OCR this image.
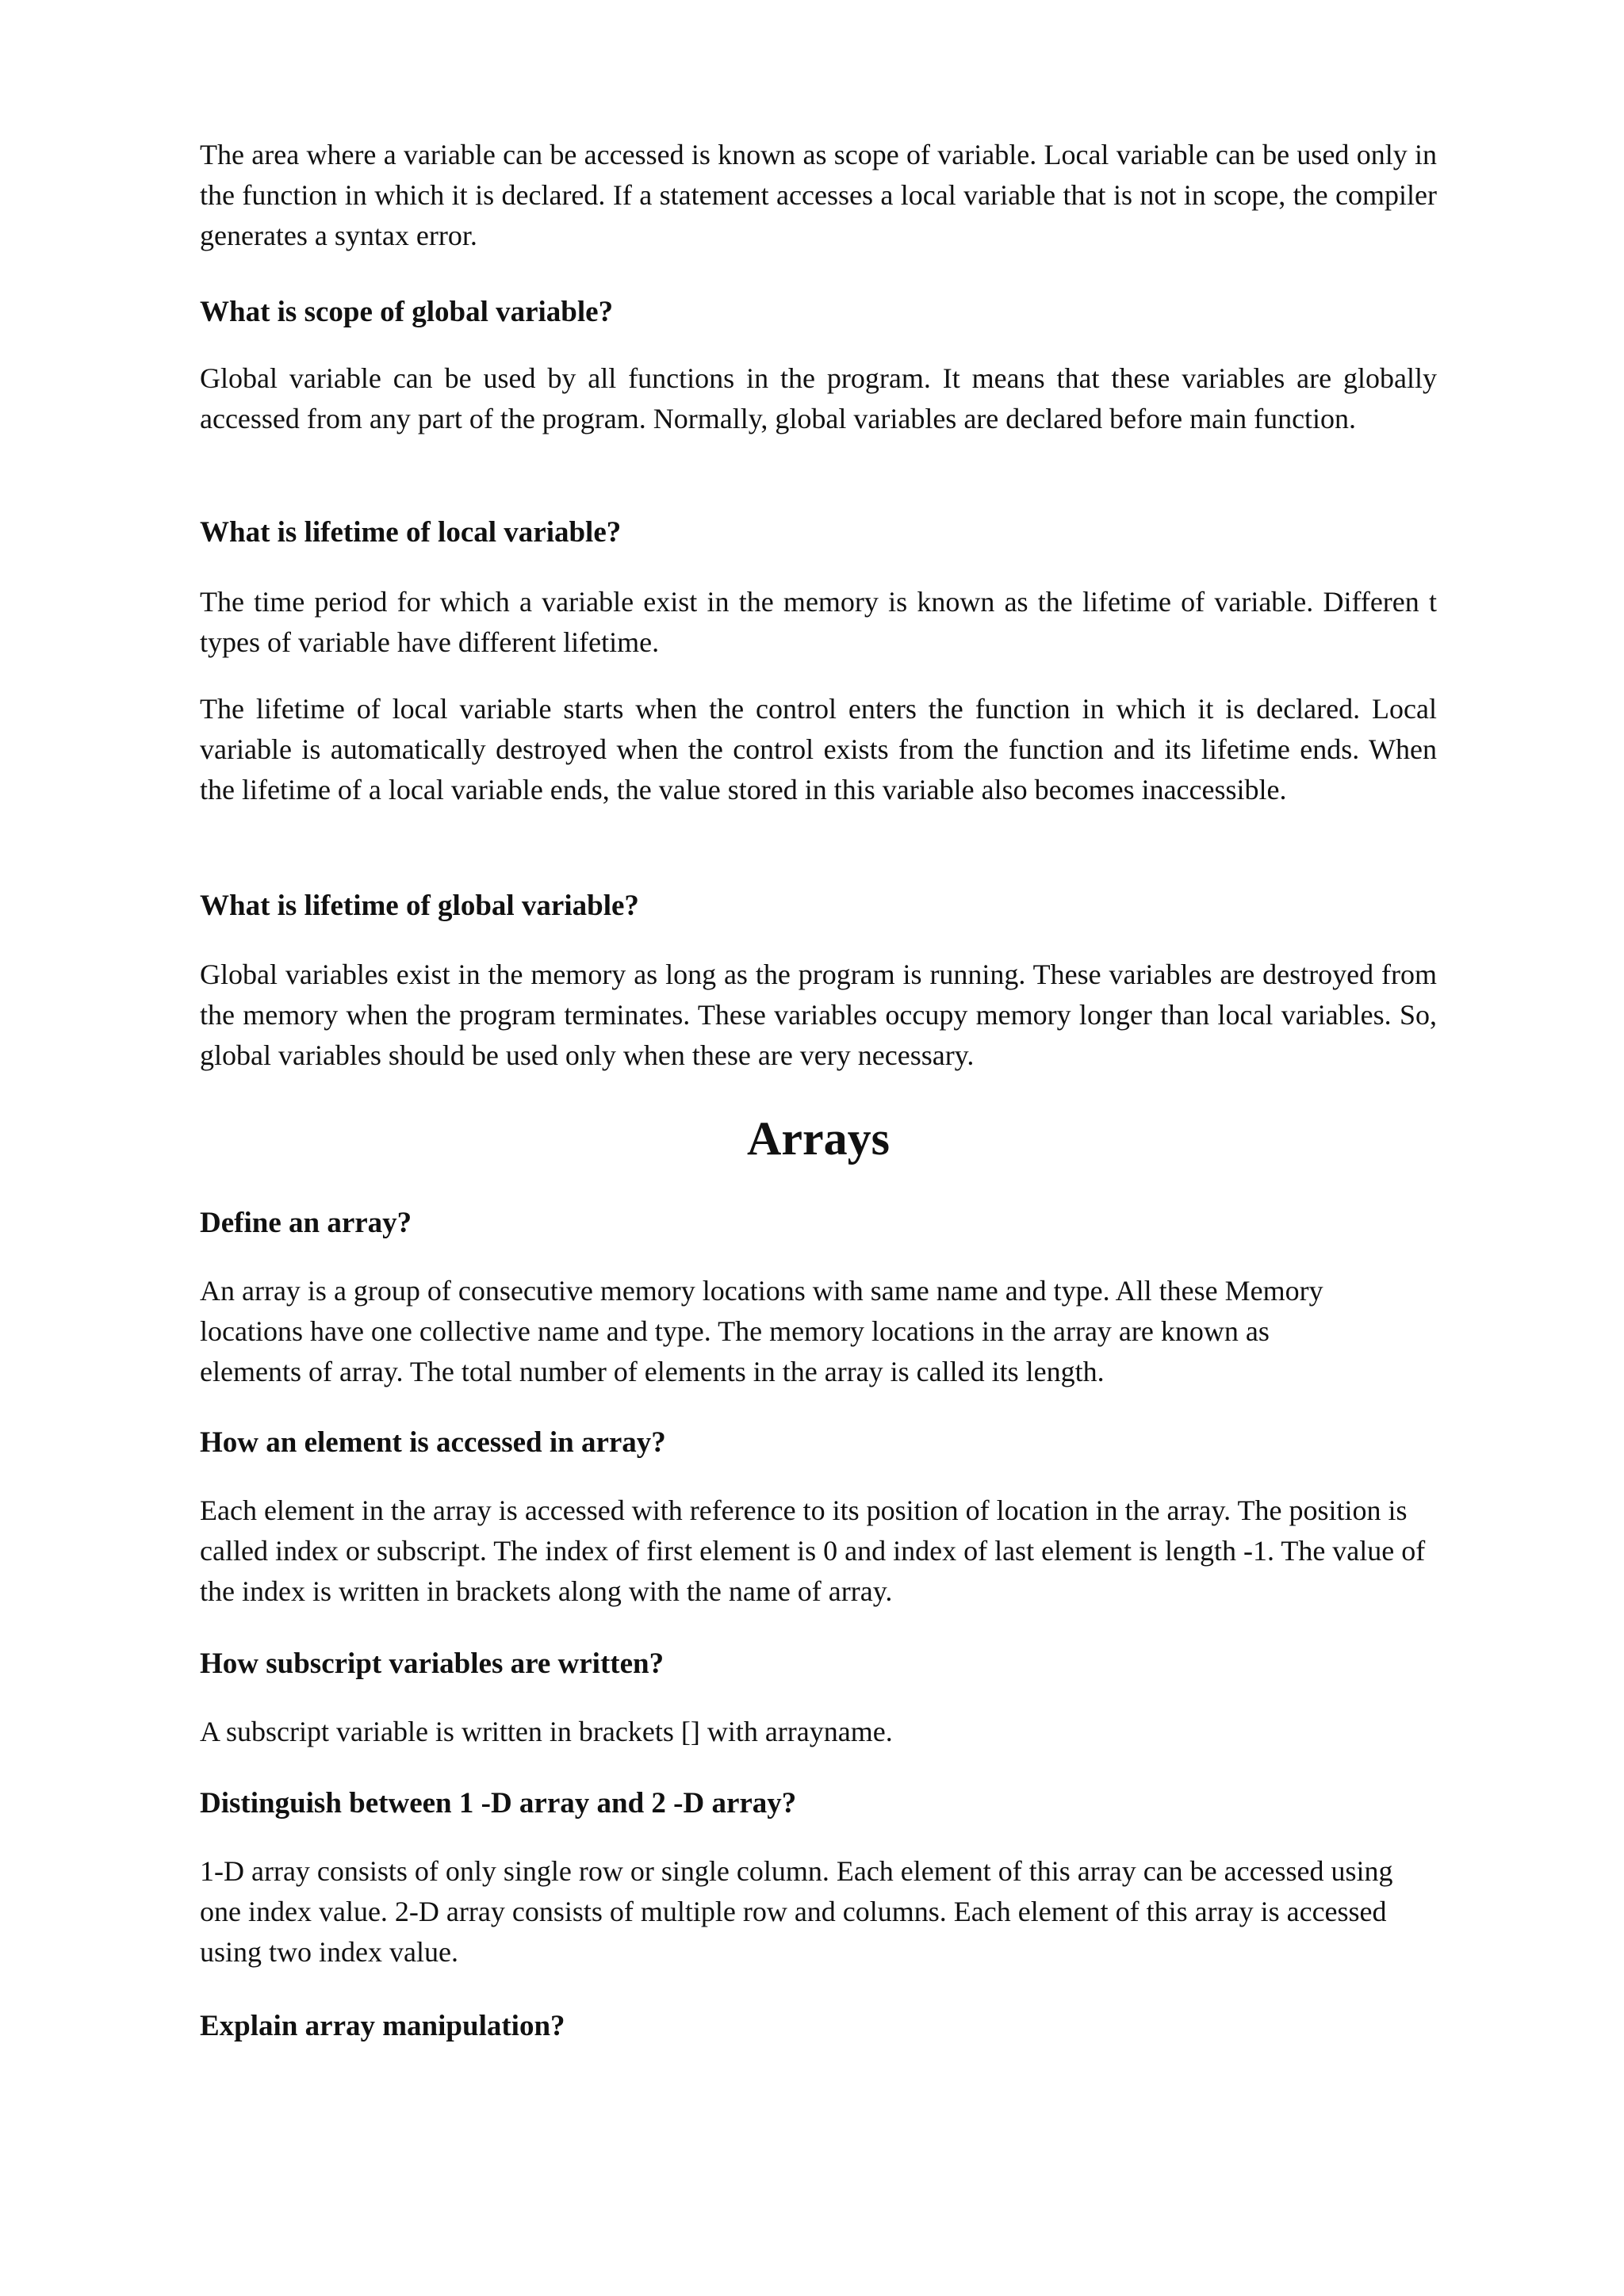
The area where a variable can be accessed is known as scope of variable. Local variable can be used only in the function in which it is declared. If a statement accesses a local variable that is not in scope, the compiler generates a syntax error.

What is scope of global variable?

Global variable can be used by all functions in the program. It means that these variables are globally accessed from any part of the program. Normally, global variables are declared before main function.

What is lifetime of local variable?

The time period for which a variable exist in the memory is known as the lifetime of variable. Differen t types of variable have different lifetime.

The lifetime of local variable starts when the control enters the function in which it is declared. Local variable is automatically destroyed when the control exists from the function and its lifetime ends. When the lifetime of a local variable ends, the value stored in this variable also becomes inaccessible.

What is lifetime of global variable?

Global variables exist in the memory as long as the program is running. These variables are destroyed from the memory when the program terminates. These variables occupy memory longer than local variables. So, global variables should be used only when these are very necessary.

Arrays

Define an array?

An array is a group of consecutive memory locations with same name and type. All these Memory locations have one collective name and type. The memory locations in the array are known as elements of array. The total number of elements in the array is called its length.

How an element is accessed in array?

Each element in the array is accessed with reference to its position of location in the array. The position is called index or subscript. The index of first element is 0 and index of last element is length -1. The value of the index is written in brackets along with the name of array.

How subscript variables are written?

A subscript variable is written in brackets [] with arrayname.

Distinguish between 1 -D array and 2 -D array?

1-D array consists of only single row or single column. Each element of this array can be accessed using one index value. 2-D array consists of multiple row and columns. Each element of this array is accessed using two index value.

Explain array manipulation?
